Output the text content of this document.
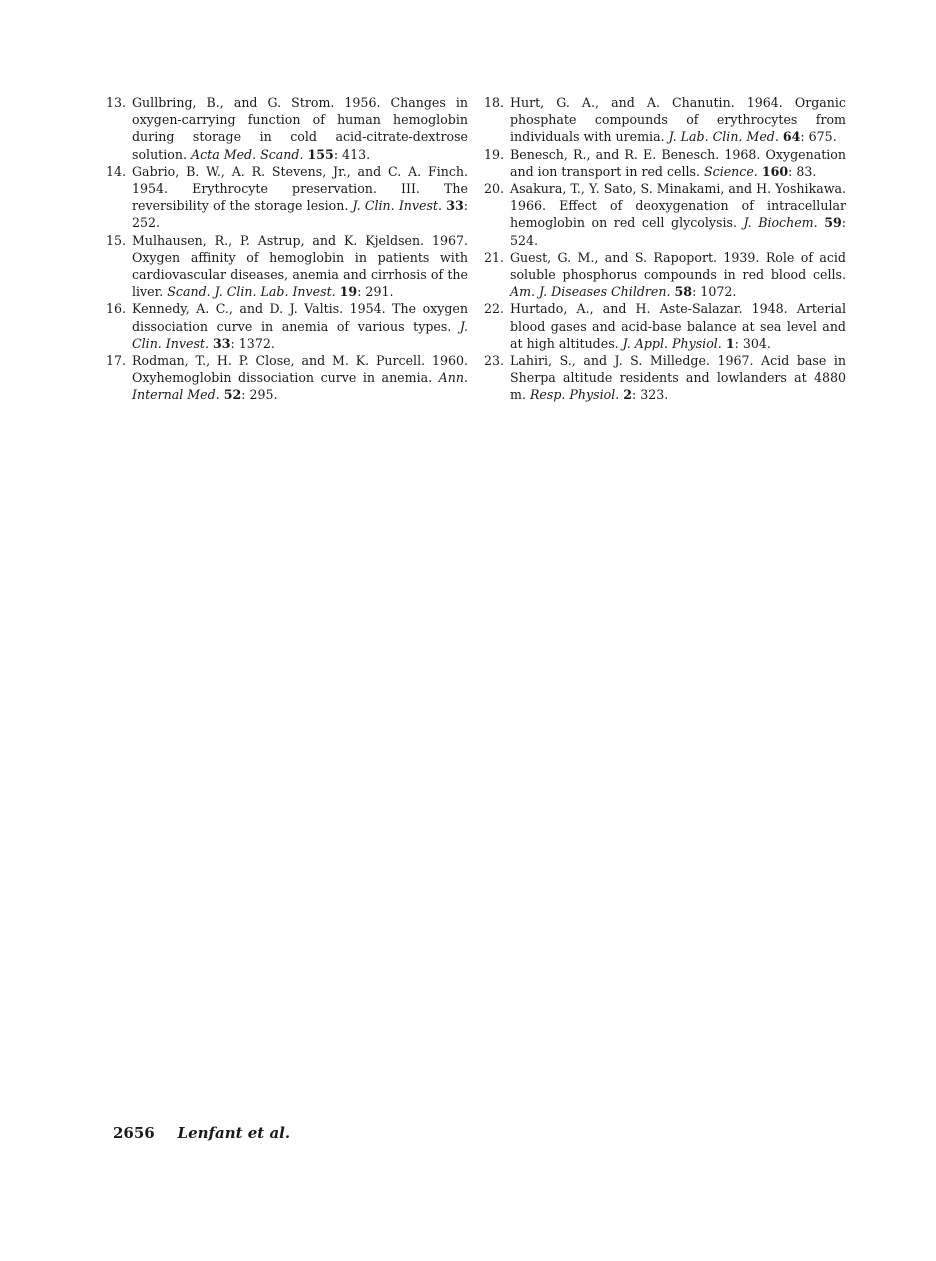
13. Gullbring, B., and G. Strom. 1956. Changes in oxygen-carrying function of human hemoglobin during storage in cold acid-citrate-dextrose solution. Acta Med. Scand. 155: 413.
14. Gabrio, B. W., A. R. Stevens, Jr., and C. A. Finch. 1954. Erythrocyte preservation. III. The reversibility of the storage lesion. J. Clin. Invest. 33: 252.
15. Mulhausen, R., P. Astrup, and K. Kjeldsen. 1967. Oxygen affinity of hemoglobin in patients with cardiovascular diseases, anemia and cirrhosis of the liver. Scand. J. Clin. Lab. Invest. 19: 291.
16. Kennedy, A. C., and D. J. Valtis. 1954. The oxygen dissociation curve in anemia of various types. J. Clin. Invest. 33: 1372.
17. Rodman, T., H. P. Close, and M. K. Purcell. 1960. Oxyhemoglobin dissociation curve in anemia. Ann. Internal Med. 52: 295.
18. Hurt, G. A., and A. Chanutin. 1964. Organic phosphate compounds of erythrocytes from individuals with uremia. J. Lab. Clin. Med. 64: 675.
19. Benesch, R., and R. E. Benesch. 1968. Oxygenation and ion transport in red cells. Science. 160: 83.
20. Asakura, T., Y. Sato, S. Minakami, and H. Yoshikawa. 1966. Effect of deoxygenation of intracellular hemoglobin on red cell glycolysis. J. Biochem. 59: 524.
21. Guest, G. M., and S. Rapoport. 1939. Role of acid soluble phosphorus compounds in red blood cells. Am. J. Diseases Children. 58: 1072.
22. Hurtado, A., and H. Aste-Salazar. 1948. Arterial blood gases and acid-base balance at sea level and at high altitudes. J. Appl. Physiol. 1: 304.
23. Lahiri, S., and J. S. Milledge. 1967. Acid base in Sherpa altitude residents and lowlanders at 4880 m. Resp. Physiol. 2: 323.
2656 Lenfant et al.
